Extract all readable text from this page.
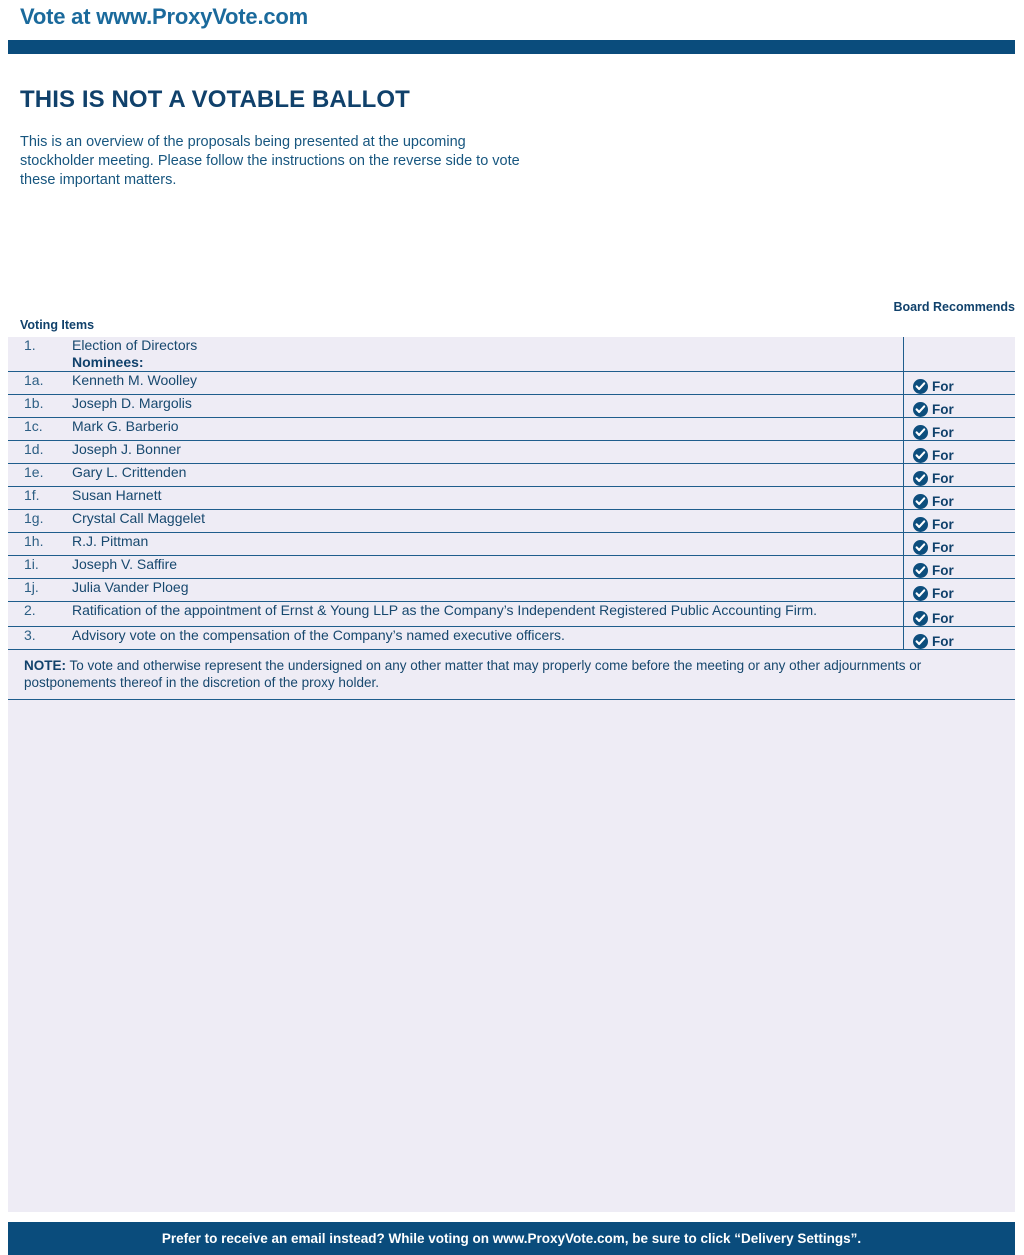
Vote at www.ProxyVote.com
THIS IS NOT A VOTABLE BALLOT
This is an overview of the proposals being presented at the upcoming stockholder meeting. Please follow the instructions on the reverse side to vote these important matters.
Voting Items
Board Recommends
1.	Election of Directors	
	Nominees:	
1a.	Kenneth M. Woolley	For

1b.	Joseph D. Margolis	For

1c.	Mark G. Barberio	For

1d.	Joseph J. Bonner	For

1e.	Gary L. Crittenden	For

1f.	Susan Harnett	For

1g.	Crystal Call Maggelet	For

1h.	R.J. Pittman	For

1i.	Joseph V. Saffire	For

1j.	Julia Vander Ploeg	For

2.	Ratification of the appointment of Ernst & Young LLP as the Company’s Independent Registered Public Accounting Firm.	For

3.	Advisory vote on the compensation of the Company’s named executive officers.	For

NOTE: To vote and otherwise represent the undersigned on any other matter that may properly come before the meeting or any other adjournments or postponements thereof in the discretion of the proxy holder.		
Prefer to receive an email instead? While voting on www.ProxyVote.com, be sure to click “Delivery Settings”.
